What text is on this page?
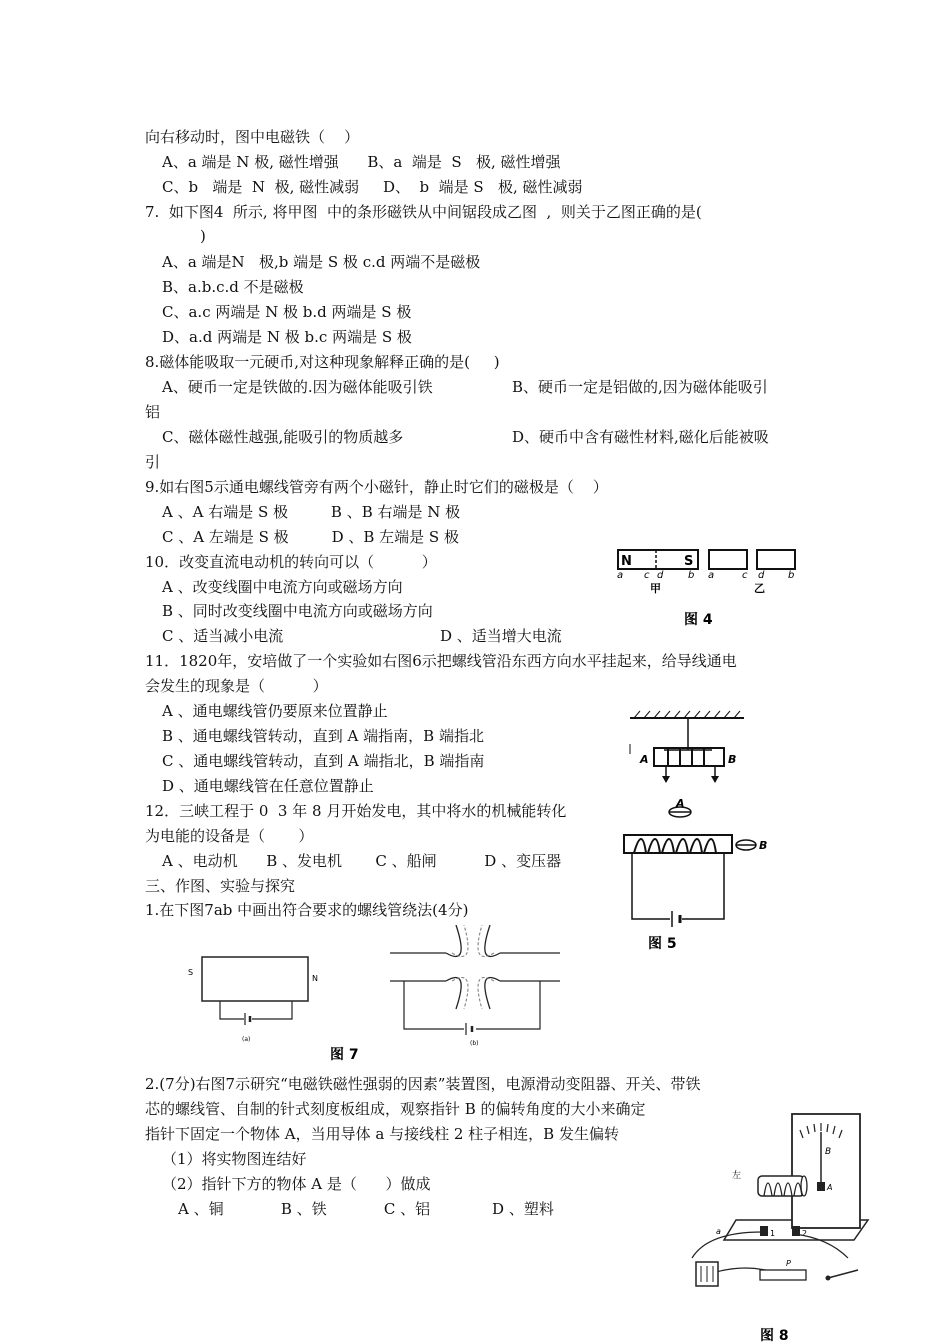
向右移动时，图中电磁铁（    ）
A、a 端是 N 极, 磁性增强      B、a  端是  S   极, 磁性增强
C、b   端是  N  极, 磁性减弱     D、  b  端是 S   极, 磁性减弱
7.  如下图4  所示, 将甲图  中的条形磁铁从中间锯段成乙图  ,  则关于乙图正确的是(
)
A、a 端是N   极,b 端是 S 极 c.d 两端不是磁极
B、a.b.c.d 不是磁极
C、a.c 两端是 N 极 b.d 两端是 S 极
D、a.d 两端是 N 极 b.c 两端是 S 极
8.磁体能吸取一元硬币,对这种现象解释正确的是(     )
A、硬币一定是铁做的.因为磁体能吸引铁	B、硬币一定是铝做的,因为磁体能吸引
铝
C、磁体磁性越强,能吸引的物质越多	D、硬币中含有磁性材料,磁化后能被吸
引
9.如右图5示通电螺线管旁有两个小磁针，静止时它们的磁极是（    ）
A 、A 右端是 S 极         B 、B 右端是 N 极
C 、A 左端是 S 极         D 、B 左端是 S 极
10．改变直流电动机的转向可以（          ）
A 、改变线圈中电流方向或磁场方向
B 、同时改变线圈中电流方向或磁场方向
C 、适当减小电流	D 、适当增大电流
11．1820年，安培做了一个实验如右图6示把螺线管沿东西方向水平挂起来，给导线通电
会发生的现象是（          ）
A 、通电螺线管仍要原来位置静止
B 、通电螺线管转动，直到 A 端指南，B 端指北
C 、通电螺线管转动，直到 A 端指北，B 端指南
D 、通电螺线管在任意位置静止
12．三峡工程于 0  3 年 8 月开始发电，其中将水的机械能转化
为电能的设备是（       ）
A 、电动机      B 、发电机       C 、船闸          D 、变压器
三、作图、实验与探究
1.在下图7ab 中画出符合要求的螺线管绕法(4分)
2.(7分)右图7示研究“电磁铁磁性强弱的因素”装置图，电源滑动变阻器、开关、带铁
芯的螺线管、自制的针式刻度板组成，观察指针 B 的偏转角度的大小来确定
指针下固定一个物体 A，当用导体 a 与接线柱 2 柱子相连，B 发生偏转
（1）将实物图连结好
（2）指针下方的物体 A 是（      ）做成
A 、铜            B 、铁            C 、铝             D 、塑料
N	S
a c d b
甲
a	c d b
乙
图 4
A	B
A
B
图 5
S
N
(a)
(b)
图 7
B
A
左
1	2
a
P
图 8
